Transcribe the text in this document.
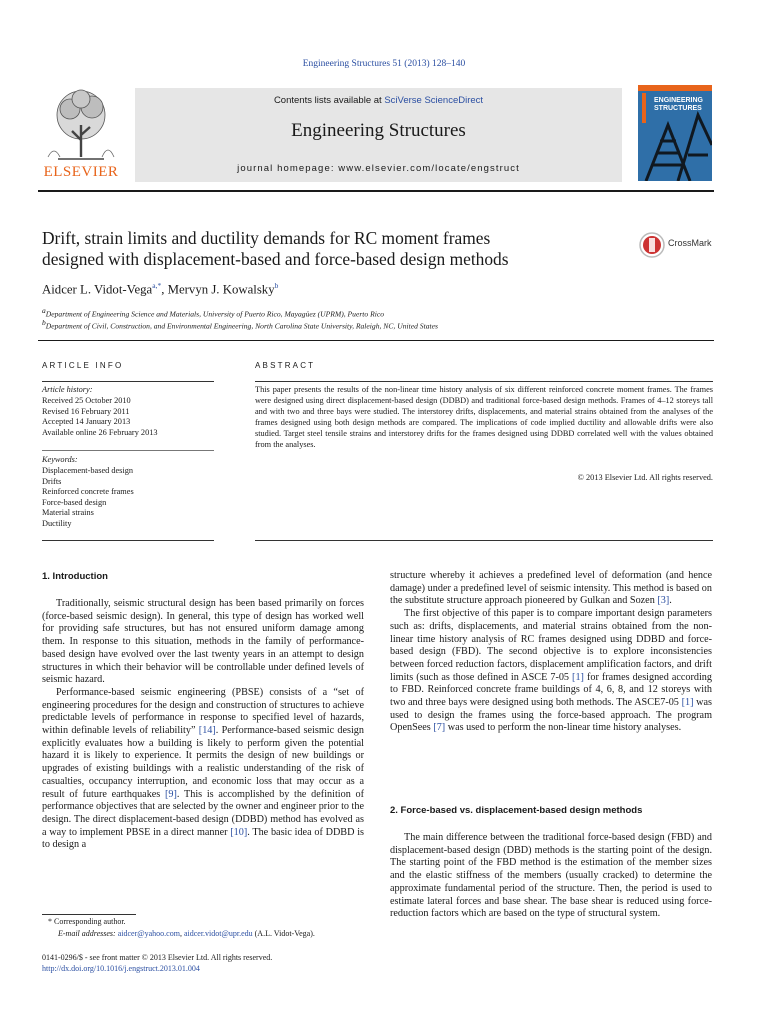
Engineering Structures 51 (2013) 128–140
ELSEVIER
Contents lists available at SciVerse ScienceDirect
Engineering Structures
journal homepage: www.elsevier.com/locate/engstruct
ENGINEERING
STRUCTURES
Drift, strain limits and ductility demands for RC moment frames
designed with displacement-based and force-based design methods
CrossMark
Aidcer L. Vidot-Vega$^{a,*}$, Mervyn J. Kowalsky$^b$
$^a$Department of Engineering Science and Materials, University of Puerto Rico, Mayagüez (UPRM), Puerto Rico
$^b$Department of Civil, Construction, and Environmental Engineering, North Carolina State University, Raleigh, NC, United States
ARTICLE INFO
Article history:
Received 25 October 2010
Revised 16 February 2011
Accepted 14 January 2013
Available online 26 February 2013
Keywords:
Displacement-based design
Drifts
Reinforced concrete frames
Force-based design
Material strains
Ductility
ABSTRACT
This paper presents the results of the non-linear time history analysis of six different reinforced concrete moment frames. The frames were designed using direct displacement-based design (DDBD) and traditional force-based design methods. Frames of 4–12 storeys tall and with two and three bays were studied. The interstorey drifts, displacements, and material strains obtained from the analyses of the frames designed using both design methods are compared. The implications of code implied ductility and allowable drifts were also studied. Target steel tensile strains and interstorey drifts for the frames designed using DDBD correlated well with the values obtained from the analyses.
© 2013 Elsevier Ltd. All rights reserved.
1. Introduction

Traditionally, seismic structural design has been based primarily on forces (force-based seismic design). In general, this type of design has worked well for providing safe structures, but has not ensured uniform damage among them. In response to this situation, methods in the family of performance-based design have evolved over the last twenty years in an attempt to design structures in which their behavior will be controllable under defined levels of seismic hazard.

Performance-based seismic engineering (PBSE) consists of a “set of engineering procedures for the design and construction of structures to achieve predictable levels of performance in response to specified level of hazards, within definable levels of reliability” [14]. Performance-based seismic design explicitly evaluates how a building is likely to perform given the potential hazard it is likely to experience. It permits the design of new buildings or upgrades of existing buildings with a realistic understanding of the risk of casualties, occupancy interruption, and economic loss that may occur as a result of future earthquakes [9]. This is accomplished by the definition of performance objectives that are selected by the owner and engineer prior to the design. The direct displacement-based design (DDBD) method has evolved as a way to implement PBSE in a direct manner [10]. The basic idea of DDBD is to design a

structure whereby it achieves a predefined level of deformation (and hence damage) under a predefined level of seismic intensity. This method is based on the substitute structure approach pioneered by Gulkan and Sozen [3].

The first objective of this paper is to compare important design parameters such as: drifts, displacements, and material strains obtained from the non-linear time history analysis of RC frames designed using DDBD and force-based design (FBD). The second objective is to explore inconsistencies between forced reduction factors, displacement amplification factors, and drift limits (such as those defined in ASCE 7-05 [1] for frames designed according to FBD. Reinforced concrete frame buildings of 4, 6, 8, and 12 storeys with two and three bays were designed using both methods. The ASCE7-05 [1] was used to design the frames using the force-based approach. The program OpenSees [7] was used to perform the non-linear time history analyses.

2. Force-based vs. displacement-based design methods

The main difference between the traditional force-based design (FBD) and displacement-based design (DBD) methods is the starting point of the design. The starting point of the FBD method is the estimation of the member sizes and the elastic stiffness of the members (usually cracked) to determine the approximate fundamental period of the structure. Then, the period is used to estimate lateral forces and base shear. The base shear is reduced using force-reduction factors which are based on the type of structural system.

* Corresponding author.
E-mail addresses: aidcer@yahoo.com, aidcer.vidot@upr.edu (A.L. Vidot-Vega).
0141-0296/$ - see front matter © 2013 Elsevier Ltd. All rights reserved.
http://dx.doi.org/10.1016/j.engstruct.2013.01.004
